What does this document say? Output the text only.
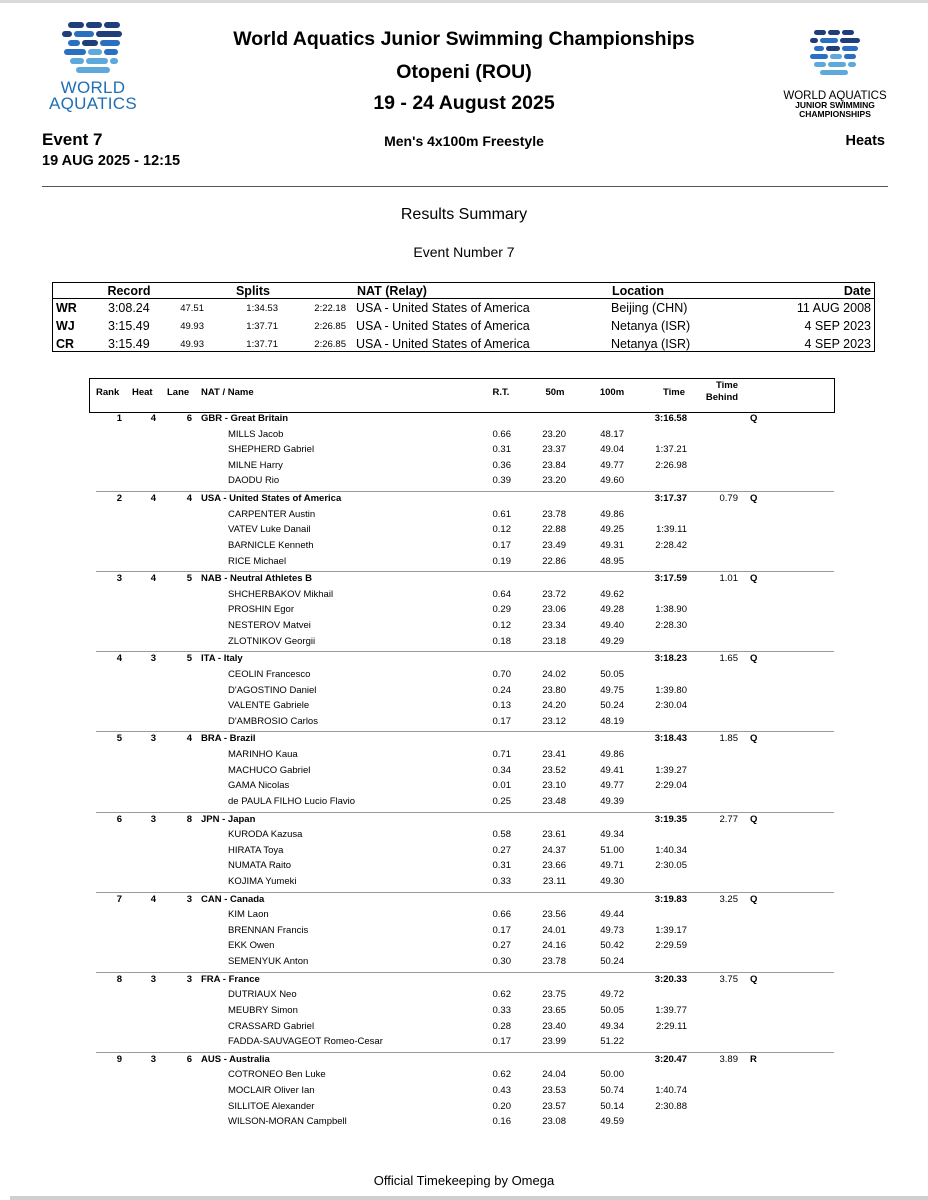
WORLD
AQUATICS	WORLD AQUATICS
JUNIOR SWIMMING
CHAMPIONSHIPS
World Aquatics Junior Swimming Championships
Otopeni (ROU)
19 - 24 August 2025
Event 7
19 AUG 2025 - 12:15
Men's 4x100m Freestyle	Heats
Results Summary
Event Number 7
Record	Splits	NAT (Relay)	Location	Date
WR 3:08.24	47.51	1:34.53	2:22.18 USA - United States of America	Beijing (CHN)	11 AUG 2008
WJ	3:15.49	49.93	1:37.71	2:26.85 USA - United States of America	Netanya (ISR)	4 SEP 2023
CR	3:15.49	49.93	1:37.71	2:26.85 USA - United States of America	Netanya (ISR)	4 SEP 2023
Rank Heat Lane NAT / Name	R.T.	50m	100m	Time
Time
Behind
1	4	6 GBR - Great Britain	3:16.58	Q
MILLS Jacob	0.66	23.20	48.17
SHEPHERD Gabriel	0.31	23.37	49.04	1:37.21
MILNE Harry	0.36	23.84	49.77	2:26.98
DAODU Rio	0.39	23.20	49.60
2	4	4 USA - United States of America	3:17.37	0.79 Q
CARPENTER Austin	0.61	23.78	49.86
VATEV Luke Danail	0.12	22.88	49.25	1:39.11
BARNICLE Kenneth	0.17	23.49	49.31	2:28.42
RICE Michael	0.19	22.86	48.95
3	4	5 NAB - Neutral Athletes B	3:17.59	1.01 Q
SHCHERBAKOV Mikhail	0.64	23.72	49.62
PROSHIN Egor	0.29	23.06	49.28	1:38.90
NESTEROV Matvei	0.12	23.34	49.40	2:28.30
ZLOTNIKOV Georgii	0.18	23.18	49.29
4	3	5 ITA - Italy	3:18.23	1.65 Q
CEOLIN Francesco	0.70	24.02	50.05
D'AGOSTINO Daniel	0.24	23.80	49.75	1:39.80
VALENTE Gabriele	0.13	24.20	50.24	2:30.04
D'AMBROSIO Carlos	0.17	23.12	48.19
5	3	4 BRA - Brazil	3:18.43	1.85 Q
MARINHO Kaua	0.71	23.41	49.86
MACHUCO Gabriel	0.34	23.52	49.41	1:39.27
GAMA Nicolas	0.01	23.10	49.77	2:29.04
de PAULA FILHO Lucio Flavio	0.25	23.48	49.39
6	3	8 JPN - Japan	3:19.35	2.77 Q
KURODA Kazusa	0.58	23.61	49.34
HIRATA Toya	0.27	24.37	51.00	1:40.34
NUMATA Raito	0.31	23.66	49.71	2:30.05
KOJIMA Yumeki	0.33	23.11	49.30
7	4	3 CAN - Canada	3:19.83	3.25 Q
KIM Laon	0.66	23.56	49.44
BRENNAN Francis	0.17	24.01	49.73	1:39.17
EKK Owen	0.27	24.16	50.42	2:29.59
SEMENYUK Anton	0.30	23.78	50.24
8	3	3 FRA - France	3:20.33	3.75 Q
DUTRIAUX Neo	0.62	23.75	49.72
MEUBRY Simon	0.33	23.65	50.05	1:39.77
CRASSARD Gabriel	0.28	23.40	49.34	2:29.11
FADDA-SAUVAGEOT Romeo-Cesar	0.17	23.99	51.22
9	3	6 AUS - Australia	3:20.47	3.89 R
COTRONEO Ben Luke	0.62	24.04	50.00
MOCLAIR Oliver Ian	0.43	23.53	50.74	1:40.74
SILLITOE Alexander	0.20	23.57	50.14	2:30.88
WILSON-MORAN Campbell	0.16	23.08	49.59
Official Timekeeping by Omega
